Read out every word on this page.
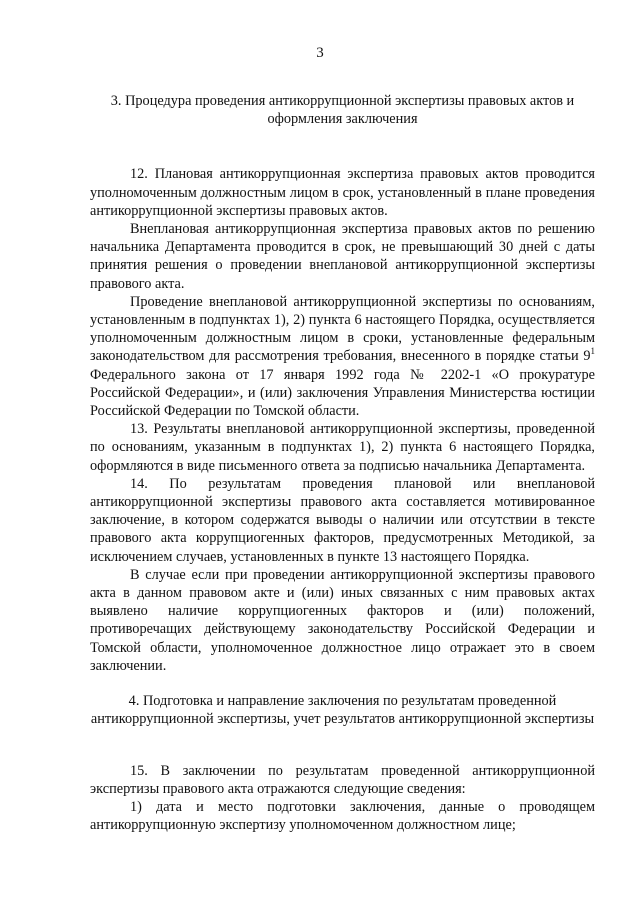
3

3. Процедура проведения антикоррупционной экспертизы правовых актов и оформления заключения

12. Плановая антикоррупционная экспертиза правовых актов проводится уполномоченным должностным лицом в срок, установленный в плане проведения антикоррупционной экспертизы правовых актов.

Внеплановая антикоррупционная экспертиза правовых актов по решению начальника Департамента проводится в срок, не превышающий 30 дней с даты принятия решения о проведении внеплановой антикоррупционной экспертизы правового акта.

Проведение внеплановой антикоррупционной экспертизы по основаниям, установленным в подпунктах 1), 2) пункта 6 настоящего Порядка, осуществляется уполномоченным должностным лицом в сроки, установленные федеральным законодательством для рассмотрения требования, внесенного в порядке статьи $9^1$ Федерального закона от 17 января 1992 года № 2202-1 «О прокуратуре Российской Федерации», и (или) заключения Управления Министерства юстиции Российской Федерации по Томской области.

13. Результаты внеплановой антикоррупционной экспертизы, проведенной по основаниям, указанным в подпунктах 1), 2) пункта 6 настоящего Порядка, оформляются в виде письменного ответа за подписью начальника Департамента.

14. По результатам проведения плановой или внеплановой антикоррупционной экспертизы правового акта составляется мотивированное заключение, в котором содержатся выводы о наличии или отсутствии в тексте правового акта коррупциогенных факторов, предусмотренных Методикой, за исключением случаев, установленных в пункте 13 настоящего Порядка.

В случае если при проведении антикоррупционной экспертизы правового акта в данном правовом акте и (или) иных связанных с ним правовых актах выявлено наличие коррупциогенных факторов и (или) положений, противоречащих действующему законодательству Российской Федерации и Томской области, уполномоченное должностное лицо отражает это в своем заключении.

4. Подготовка и направление заключения по результатам проведенной антикоррупционной экспертизы, учет результатов антикоррупционной экспертизы

15. В заключении по результатам проведенной антикоррупционной экспертизы правового акта отражаются следующие сведения:

1) дата и место подготовки заключения, данные о проводящем антикоррупционную экспертизу уполномоченном должностном лице;
